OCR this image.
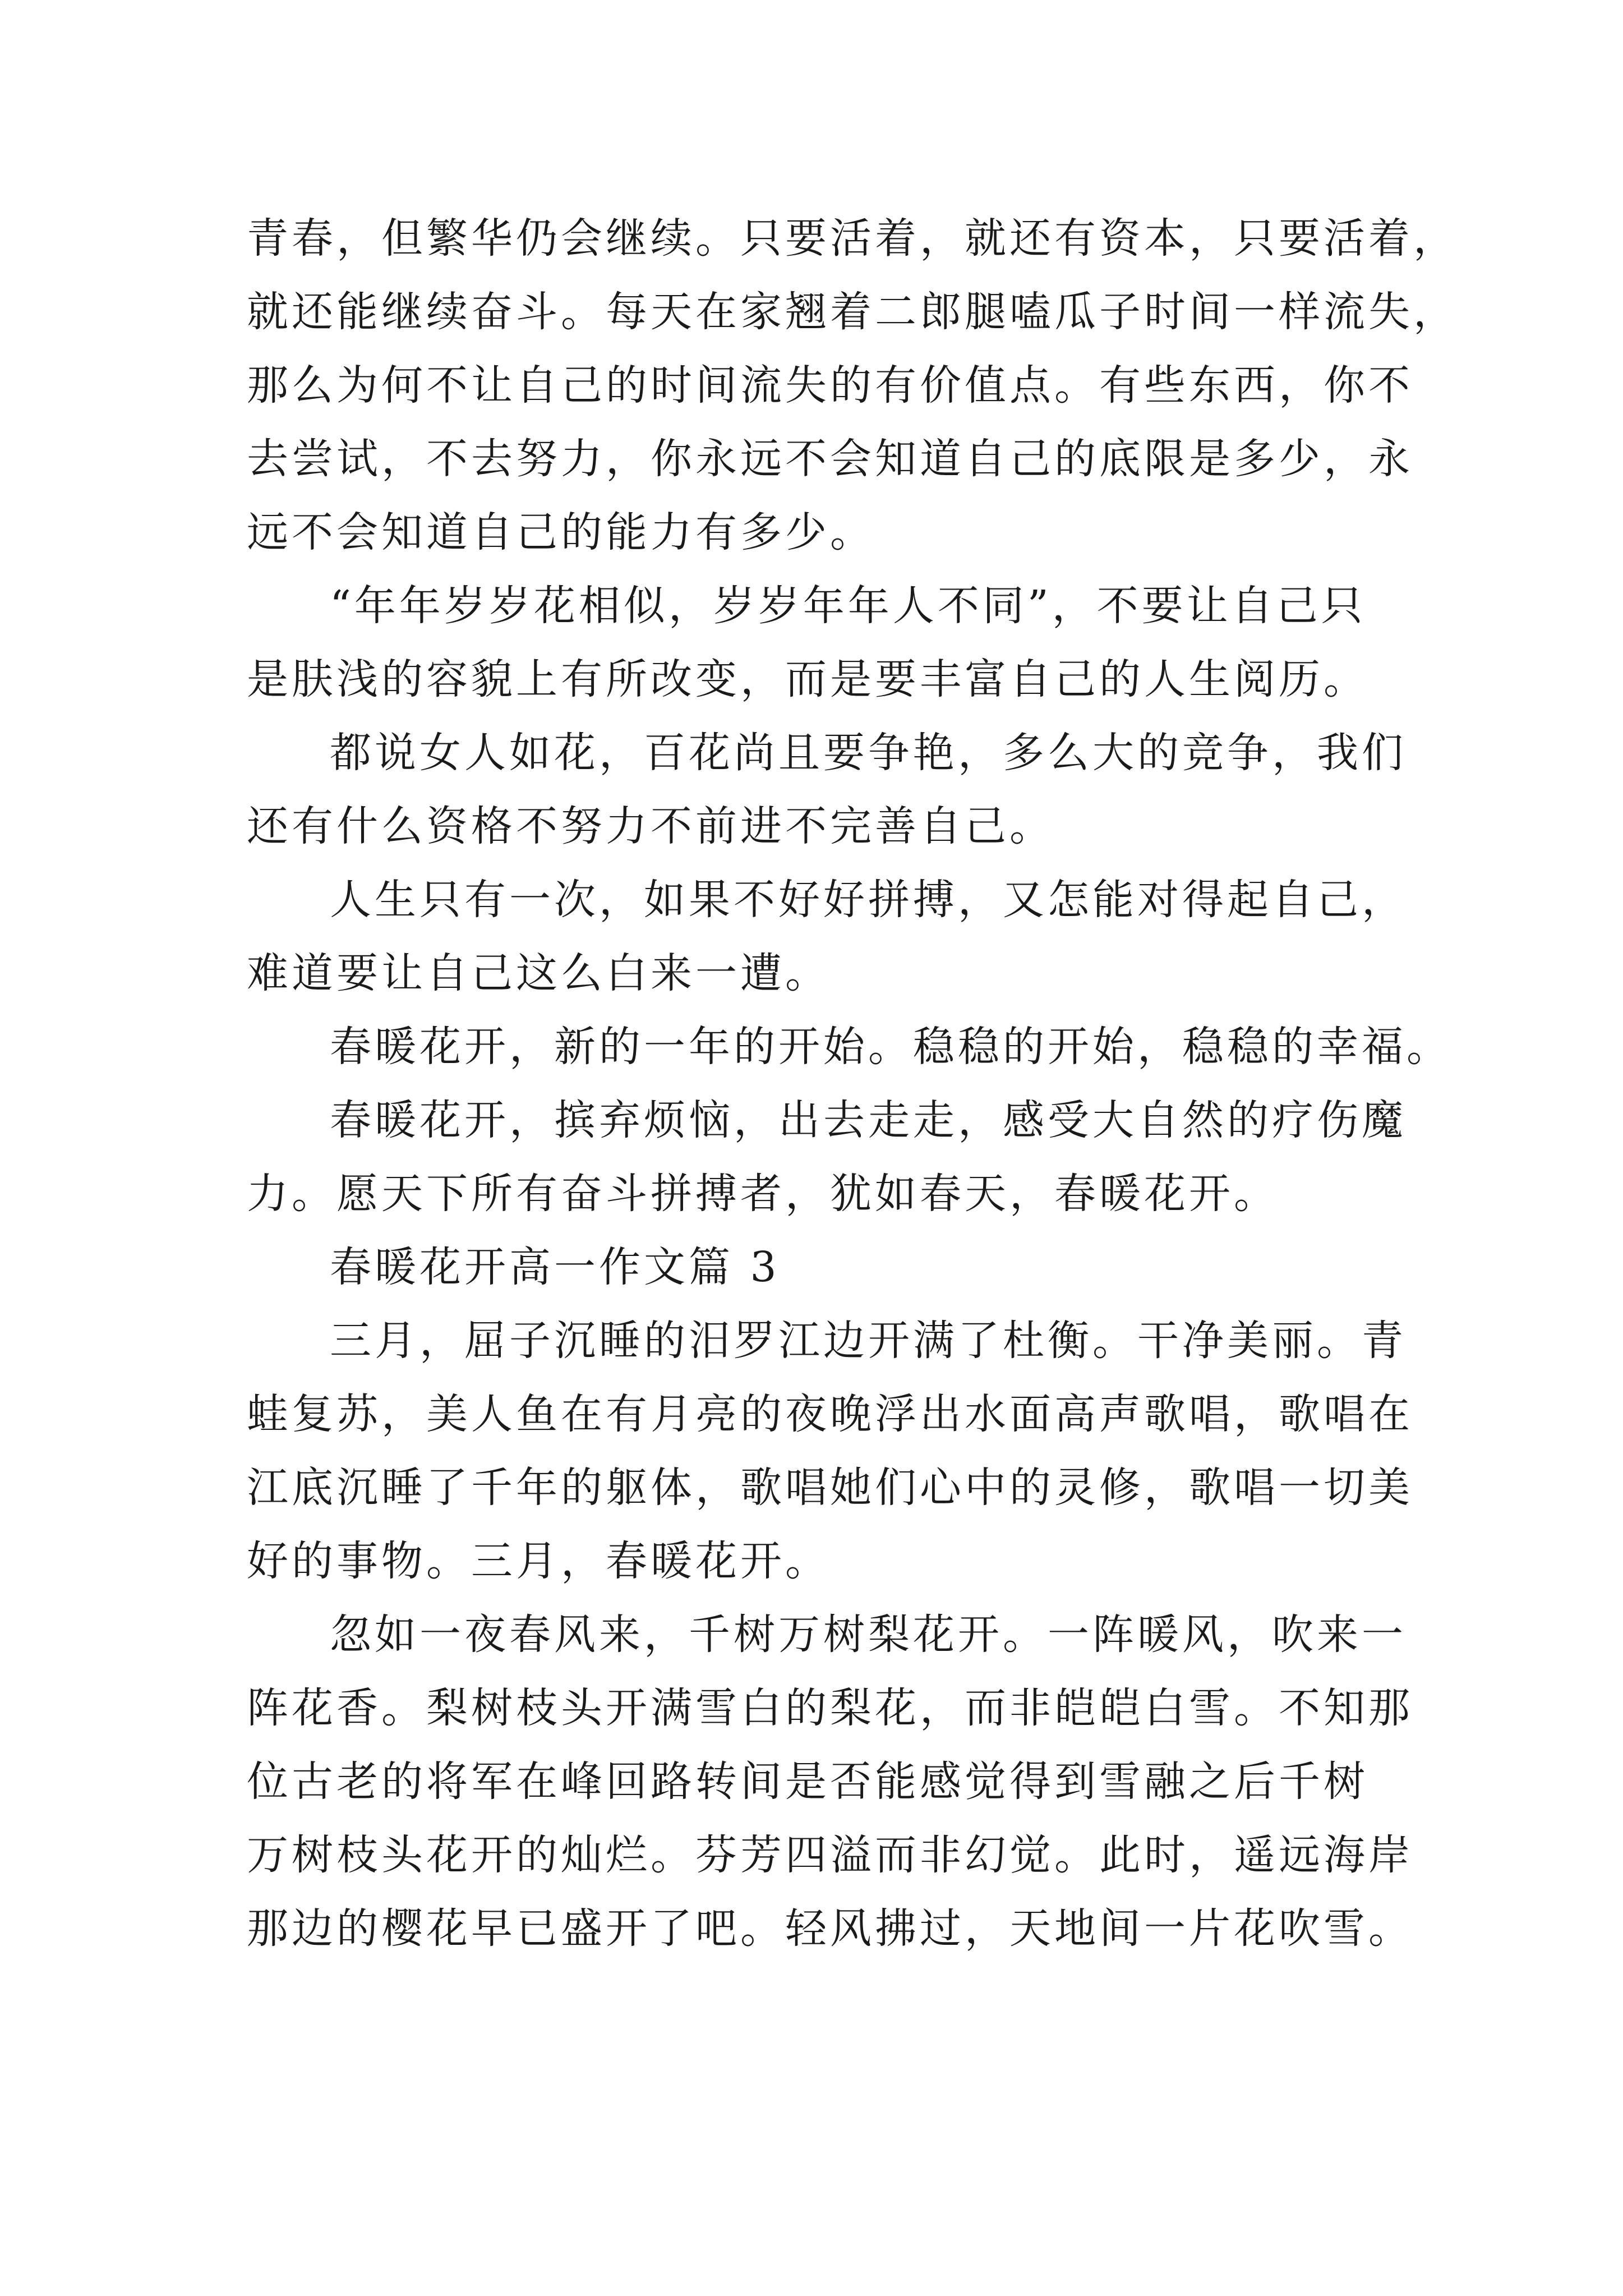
青春，但繁华仍会继续。只要活着，就还有资本，只要活着，
就还能继续奋斗。每天在家翘着二郎腿嗑瓜子时间一样流失，
那么为何不让自己的时间流失的有价值点。有些东西，你不
去尝试，不去努力，你永远不会知道自己的底限是多少，永
远不会知道自己的能力有多少。
“年年岁岁花相似，岁岁年年人不同”，不要让自己只
是肤浅的容貌上有所改变，而是要丰富自己的人生阅历。
都说女人如花，百花尚且要争艳，多么大的竞争，我们
还有什么资格不努力不前进不完善自己。
人生只有一次，如果不好好拼搏，又怎能对得起自己，
难道要让自己这么白来一遭。
春暖花开，新的一年的开始。稳稳的开始，稳稳的幸福。
春暖花开，摈弃烦恼，出去走走，感受大自然的疗伤魔
力。愿天下所有奋斗拼搏者，犹如春天，春暖花开。
春暖花开高一作文篇 3
三月，屈子沉睡的汨罗江边开满了杜衡。干净美丽。青
蛙复苏，美人鱼在有月亮的夜晚浮出水面高声歌唱，歌唱在
江底沉睡了千年的躯体，歌唱她们心中的灵修，歌唱一切美
好的事物。三月，春暖花开。
忽如一夜春风来，千树万树梨花开。一阵暖风，吹来一
阵花香。梨树枝头开满雪白的梨花，而非皑皑白雪。不知那
位古老的将军在峰回路转间是否能感觉得到雪融之后千树
万树枝头花开的灿烂。芬芳四溢而非幻觉。此时，遥远海岸
那边的樱花早已盛开了吧。轻风拂过，天地间一片花吹雪。
